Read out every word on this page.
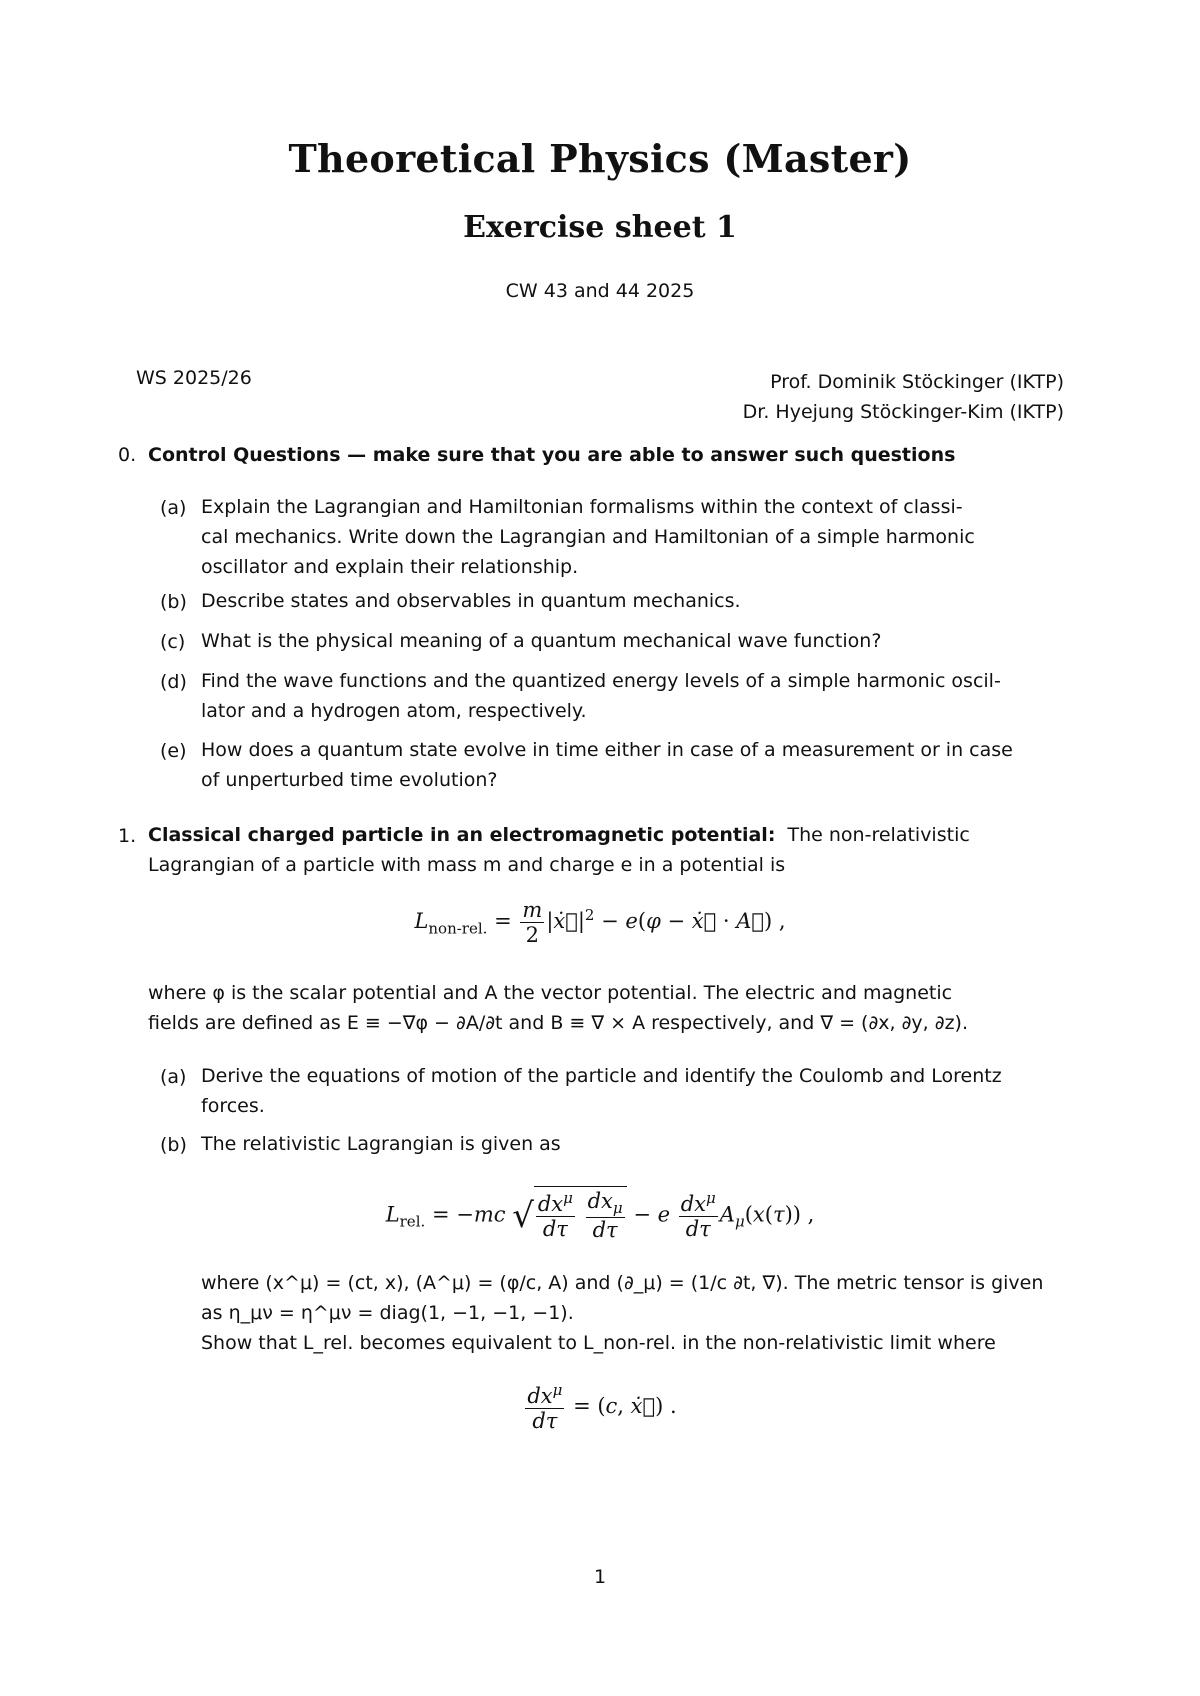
Theoretical Physics (Master)
Exercise sheet 1
CW 43 and 44 2025
WS 2025/26	Prof. Dominik Stöckinger (IKTP)
Dr. Hyejung Stöckinger-Kim (IKTP)
0. Control Questions — make sure that you are able to answer such questions
(a) Explain the Lagrangian and Hamiltonian formalisms within the context of classi-
cal mechanics. Write down the Lagrangian and Hamiltonian of a simple harmonic
oscillator and explain their relationship.
(b) Describe states and observables in quantum mechanics.
(c) What is the physical meaning of a quantum mechanical wave function?
(d) Find the wave functions and the quantized energy levels of a simple harmonic oscil-
lator and a hydrogen atom, respectively.
(e) How does a quantum state evolve in time either in case of a measurement or in case
of unperturbed time evolution?
1. Classical charged particle in an electromagnetic potential: The non-relativistic
Lagrangian of a particle with mass m and charge e in a potential is
$L_{non-rel.} = \frac{m}{2}$ $|ẋ⃗|^2 - e(\varphi$ − ẋ⃗ · A⃗) ,
where φ is the scalar potential and A the vector potential. The electric and magnetic
fields are defined as E ≡ −∇φ − ∂A/∂t and B ≡ ∇ × A respectively, and ∇ = (∂x, ∂y, ∂z).
(a) Derive the equations of motion of the particle and identify the Coulomb and Lorentz
forces.
(b) The relativistic Lagrangian is given as
$L_{rel.} = -mc$ √ $\frac{dx^\mu}{d\tau}$
$\frac{dx_\mu}{d\tau} - e \frac{dx^\mu}{d\tau} A_\mu(x(\tau))$ ,
where (x^μ) = (ct, x), (A^μ) = (φ/c, A) and (∂_μ) = (1/c ∂t, ∇). The metric tensor is given
as η_μν = η^μν = diag(1, −1, −1, −1).
Show that L_rel. becomes equivalent to L_non-rel. in the non-relativistic limit where
$\frac{dx^\mu}{d\tau} = (c$, ẋ⃗) .
1
